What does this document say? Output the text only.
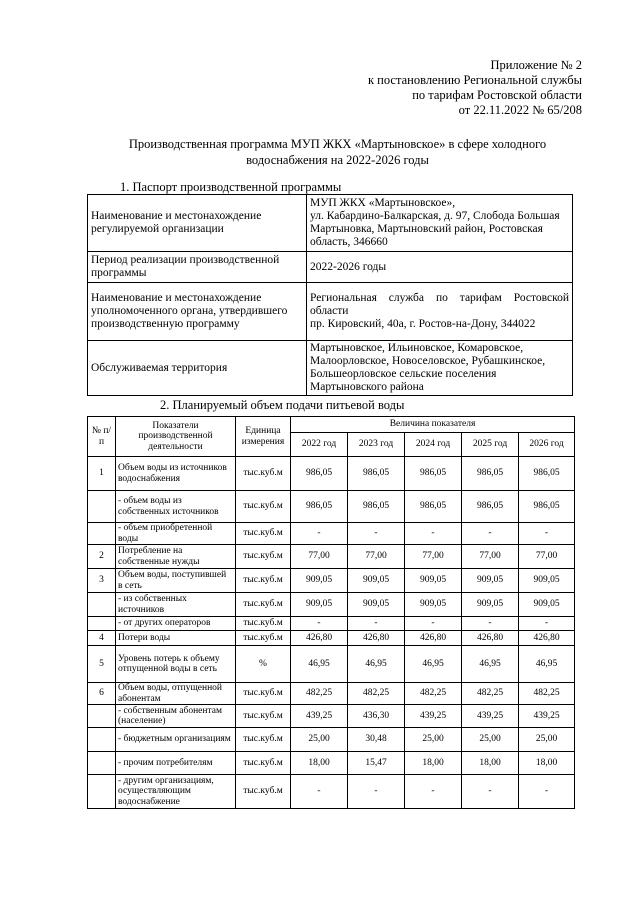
Приложение № 2
к постановлению Региональной службы
по тарифам Ростовской области
от 22.11.2022 № 65/208
Производственная программа МУП ЖКХ «Мартыновское» в сфере холодного
водоснабжения на 2022-2026 годы
1. Паспорт производственной программы
Наименование и местонахождение регулируемой организации	МУП ЖКХ «Мартыновское»,
ул. Кабардино-Балкарская, д. 97, Слобода Большая
Мартыновка, Мартыновский район, Ростовская
область, 346660

Период реализации производственной программы	2022-2026 годы

Наименование и местонахождение уполномоченного органа, утвердившего производственную программу	Региональная служба по тарифам Ростовской области
пр. Кировский, 40а, г. Ростов-на-Дону, 344022

Обслуживаемая территория	Мартыновское, Ильиновское, Комаровское,
Малоорловское, Новоселовское, Рубашкинское,
Большеорловское сельские поселения
Мартыновского района
2. Планируемый объем подачи питьевой воды
№ п/п	Показатели производственной деятельности	Единица измерения	Величина показателя				
			2022 год	2023 год	2024 год	2025 год	2026 год
1	Объем воды из источников водоснабжения	тыс.куб.м	986,05	986,05	986,05	986,05	986,05
	- объем воды из собственных источников	тыс.куб.м	986,05	986,05	986,05	986,05	986,05
	- объем приобретенной воды	тыс.куб.м	-	-	-	-	-
2	Потребление на собственные нужды	тыс.куб.м	77,00	77,00	77,00	77,00	77,00
3	Объем воды, поступившей в сеть	тыс.куб.м	909,05	909,05	909,05	909,05	909,05
	- из собственных источников	тыс.куб.м	909,05	909,05	909,05	909,05	909,05
	- от других операторов	тыс.куб.м	-	-	-	-	-
4	Потери воды	тыс.куб.м	426,80	426,80	426,80	426,80	426,80
5	Уровень потерь к объему отпущенной воды в сеть	%	46,95	46,95	46,95	46,95	46,95
6	Объем воды, отпущенной абонентам	тыс.куб.м	482,25	482,25	482,25	482,25	482,25
	- собственным абонентам (население)	тыс.куб.м	439,25	436,30	439,25	439,25	439,25
	- бюджетным организациям	тыс.куб.м	25,00	30,48	25,00	25,00	25,00
	- прочим потребителям	тыс.куб.м	18,00	15,47	18,00	18,00	18,00
	- другим организациям, осуществляющим водоснабжение	тыс.куб.м	-	-	-	-	-
